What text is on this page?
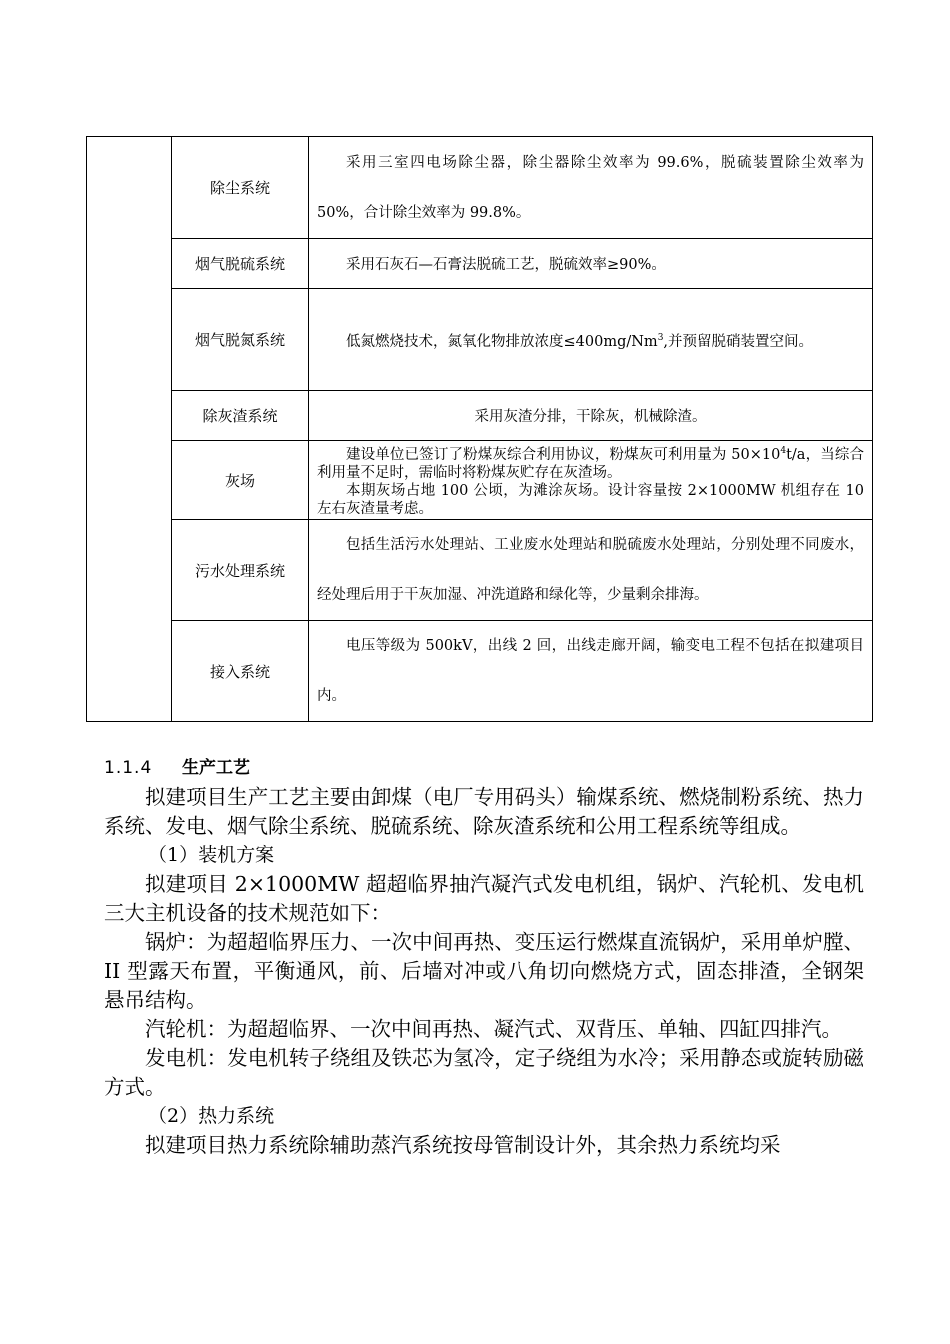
	除尘系统	采用三室四电场除尘器，除尘器除尘效率为 99.6%，脱硫装置除尘效率为 50%，合计除尘效率为 99.8%。

	烟气脱硫系统	采用石灰石—石膏法脱硫工艺，脱硫效率≥90%。

	烟气脱氮系统	低氮燃烧技术，氮氧化物排放浓度$\le 400mg/Nm^3$,并预留脱硝装置空间。

	除灰渣系统	采用灰渣分排，干除灰，机械除渣。

	灰场	建设单位已签订了粉煤灰综合利用协议，粉煤灰可利用量为 $50\times 10^4t/a$，当综合利用量不足时，需临时将粉煤灰贮存在灰渣场。

本期灰场占地 100 公顷，为滩涂灰场。设计容量按 2×1000MW 机组存在 10 左右灰渣量考虑。

	污水处理系统	包括生活污水处理站、工业废水处理站和脱硫废水处理站，分别处理不同废水，经处理后用于干灰加湿、冲洗道路和绿化等，少量剩余排海。

	接入系统	电压等级为 500kV，出线 2 回，出线走廊开阔，输变电工程不包括在拟建项目内。
1.1.4 生产工艺

拟建项目生产工艺主要由卸煤（电厂专用码头）输煤系统、燃烧制粉系统、热力系统、发电、烟气除尘系统、脱硫系统、除灰渣系统和公用工程系统等组成。

（1）装机方案

拟建项目 2×1000MW 超超临界抽汽凝汽式发电机组，锅炉、汽轮机、发电机三大主机设备的技术规范如下：

锅炉：为超超临界压力、一次中间再热、变压运行燃煤直流锅炉，采用单炉膛、II 型露天布置，平衡通风，前、后墙对冲或八角切向燃烧方式，固态排渣，全钢架悬吊结构。

汽轮机：为超超临界、一次中间再热、凝汽式、双背压、单轴、四缸四排汽。

发电机：发电机转子绕组及铁芯为氢冷，定子绕组为水冷；采用静态或旋转励磁方式。

（2）热力系统

拟建项目热力系统除辅助蒸汽系统按母管制设计外，其余热力系统均采
